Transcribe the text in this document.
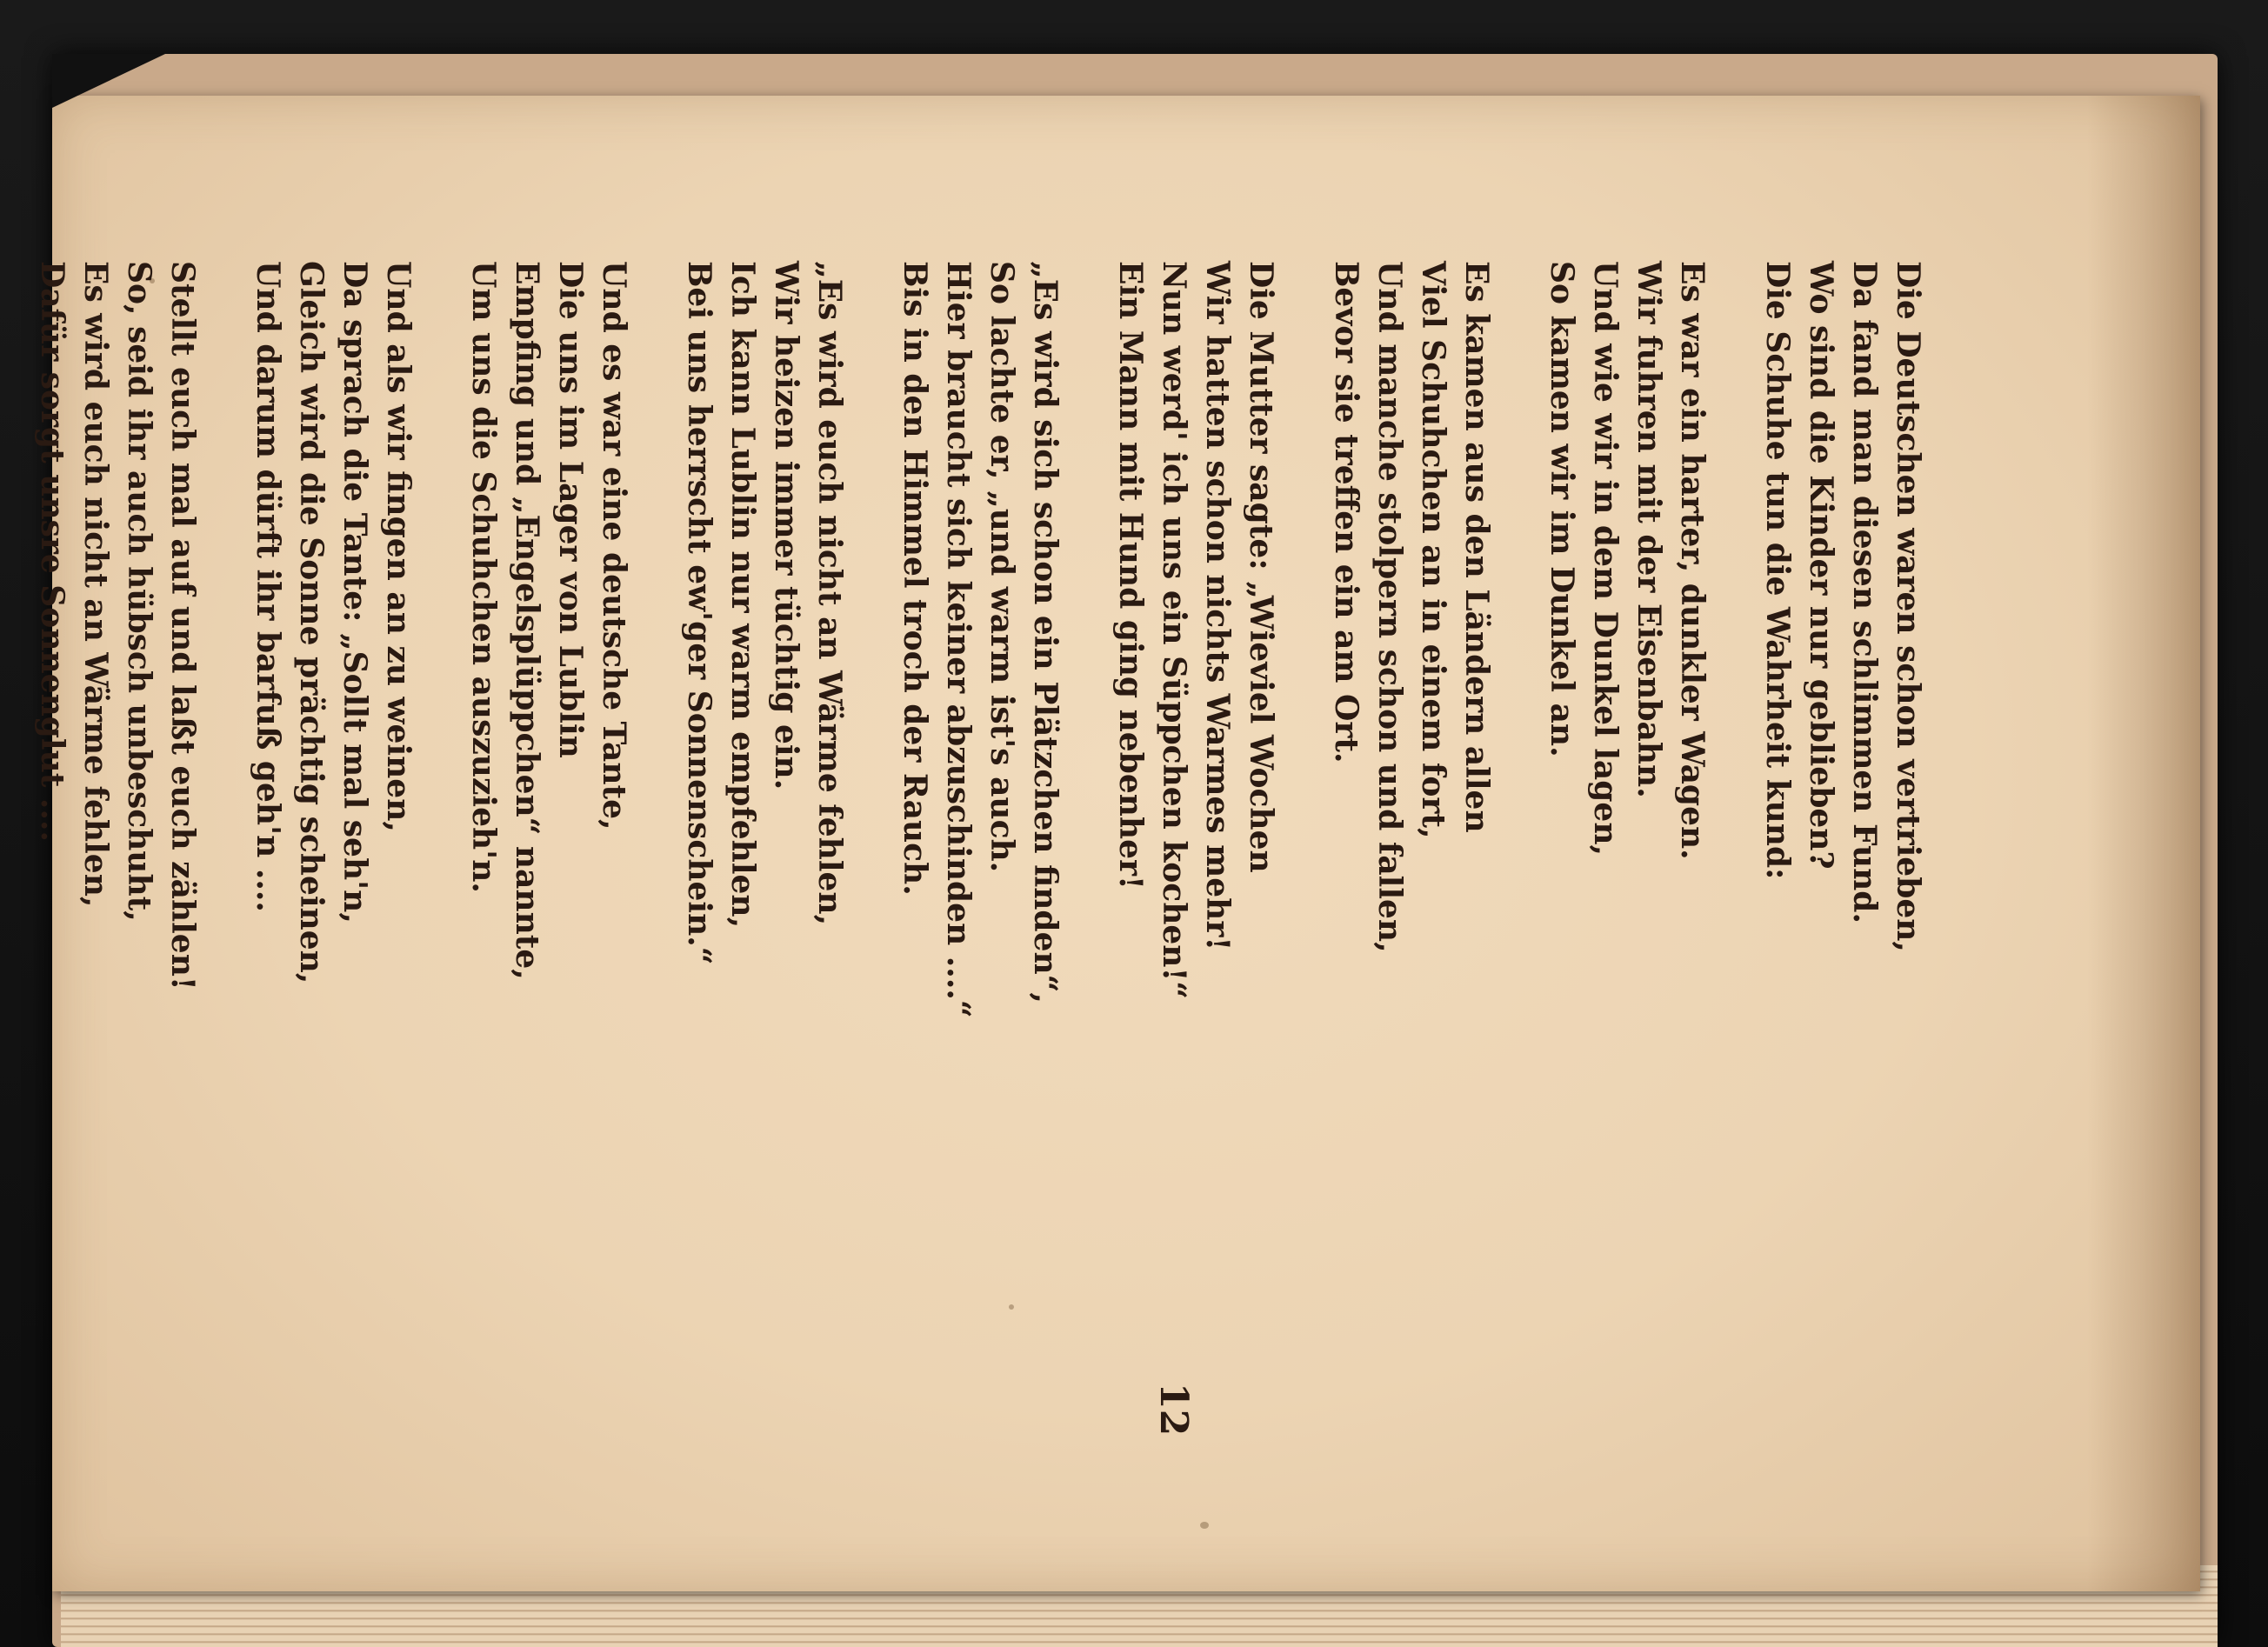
Die Deutschen waren schon vertrieben,
Da fand man diesen schlimmen Fund.
Wo sind die Kinder nur geblieben?
Die Schuhe tun die Wahrheit kund:
Es war ein harter, dunkler Wagen.
Wir fuhren mit der Eisenbahn.
Und wie wir in dem Dunkel lagen,
So kamen wir im Dunkel an.
Es kamen aus den Ländern allen
Viel Schuhchen an in einem fort,
Und manche stolpern schon und fallen,
Bevor sie treffen ein am Ort.
Die Mutter sagte: „Wieviel Wochen
Wir hatten schon nichts Warmes mehr!
Nun werd' ich uns ein Süppchen kochen!“
Ein Mann mit Hund ging nebenher!
„Es wird sich schon ein Plätzchen finden“,
So lachte er, „und warm ist's auch.
Hier braucht sich keiner abzuschinden ....“
Bis in den Himmel troch der Rauch.
„Es wird euch nicht an Wärme fehlen,
Wir heizen immer tüchtig ein.
Ich kann Lublin nur warm empfehlen,
Bei uns herrscht ew'ger Sonnenschein.“
Und es war eine deutsche Tante,
Die uns im Lager von Lublin
Empfing und „Engelsplüppchen“ nannte,
Um uns die Schuhchen auszuzieh'n.
Und als wir fingen an zu weinen,
Da sprach die Tante: „Sollt mal seh'n,
Gleich wird die Sonne prächtig scheinen,
Und darum dürft ihr barfuß geh'n ....
Stellt euch mal auf und laßt euch zählen!
So, seid ihr auch hübsch unbeschuht,
Es wird euch nicht an Wärme fehlen,
Dafür sorgt unsre Sonnenglut ....
12
